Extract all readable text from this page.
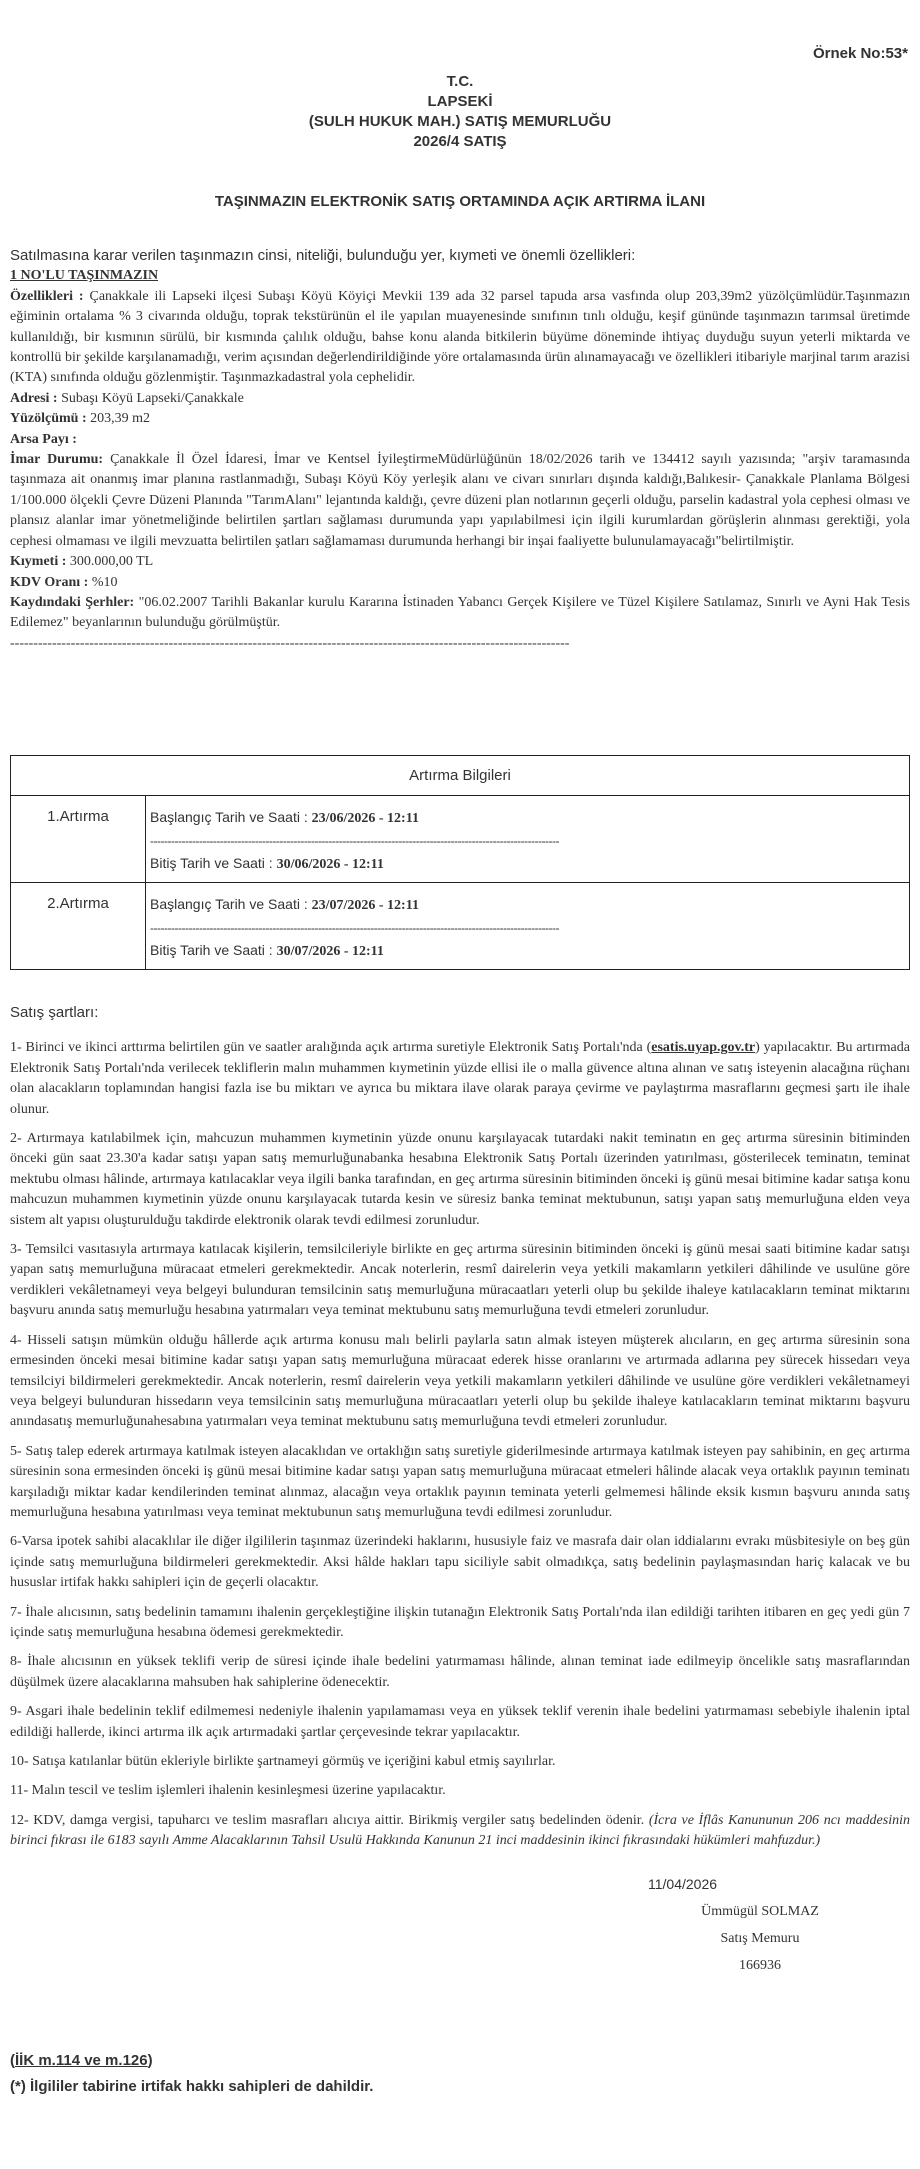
Örnek No:53*
T.C.
LAPSEKİ
(SULH HUKUK MAH.) SATIŞ MEMURLUĞU
2026/4 SATIŞ
TAŞINMAZIN ELEKTRONİK SATIŞ ORTAMINDA AÇIK ARTIRMA İLANI
Satılmasına karar verilen taşınmazın cinsi, niteliği, bulunduğu yer, kıymeti ve önemli özellikleri:
1 NO'LU TAŞINMAZIN
Özellikleri : Çanakkale ili Lapseki ilçesi Subaşı Köyü Köyiçi Mevkii 139 ada 32 parsel tapuda arsa vasfında olup 203,39m2 yüzölçümlüdür.Taşınmazın eğiminin ortalama % 3 civarında olduğu, toprak tekstürünün el ile yapılan muayenesinde sınıfının tınlı olduğu, keşif gününde taşınmazın tarımsal üretimde kullanıldığı, bir kısmının sürülü, bir kısmında çalılık olduğu, bahse konu alanda bitkilerin büyüme döneminde ihtiyaç duyduğu suyun yeterli miktarda ve kontrollü bir şekilde karşılanamadığı, verim açısından değerlendirildiğinde yöre ortalamasında ürün alınamayacağı ve özellikleri itibariyle marjinal tarım arazisi (KTA) sınıfında olduğu gözlenmiştir. Taşınmazkadastral yola cephelidir.
Adresi : Subaşı Köyü Lapseki/Çanakkale
Yüzölçümü : 203,39 m2
Arsa Payı :
İmar Durumu: Çanakkale İl Özel İdaresi, İmar ve Kentsel İyileştirmeMüdürlüğünün 18/02/2026 tarih ve 134412 sayılı yazısında; "arşiv taramasında taşınmaza ait onanmış imar planına rastlanmadığı, Subaşı Köyü Köy yerleşik alanı ve civarı sınırları dışında kaldığı,Balıkesir- Çanakkale Planlama Bölgesi 1/100.000 ölçekli Çevre Düzeni Planında "TarımAlanı" lejantında kaldığı, çevre düzeni plan notlarının geçerli olduğu, parselin kadastral yola cephesi olması ve plansız alanlar imar yönetmeliğinde belirtilen şartları sağlaması durumunda yapı yapılabilmesi için ilgili kurumlardan görüşlerin alınması gerektiği, yola cephesi olmaması ve ilgili mevzuatta belirtilen şatları sağlamaması durumunda herhangi bir inşai faaliyette bulunulamayacağı"belirtilmiştir.
Kıymeti : 300.000,00 TL
KDV Oranı : %10
Kaydındaki Şerhler: "06.02.2007 Tarihli Bakanlar kurulu Kararına İstinaden Yabancı Gerçek Kişilere ve Tüzel Kişilere Satılamaz, Sınırlı ve Ayni Hak Tesis Edilemez" beyanlarının bulunduğu görülmüştür.
------------------------------------------------------------------------------------------------------------------------
Artırma Bilgileri	
1.Artırma	Başlangıç Tarih ve Saati : 23/06/2026 - 12:11
---------------------------------------------------------------------------------------------------------------------
Bitiş Tarih ve Saati : 30/06/2026 - 12:11

2.Artırma	Başlangıç Tarih ve Saati : 23/07/2026 - 12:11
---------------------------------------------------------------------------------------------------------------------
Bitiş Tarih ve Saati : 30/07/2026 - 12:11
Satış şartları:

1- Birinci ve ikinci arttırma belirtilen gün ve saatler aralığında açık artırma suretiyle Elektronik Satış Portalı'nda (esatis.uyap.gov.tr) yapılacaktır. Bu artırmada Elektronik Satış Portalı'nda verilecek tekliflerin malın muhammen kıymetinin yüzde ellisi ile o malla güvence altına alınan ve satış isteyenin alacağına rüçhanı olan alacakların toplamından hangisi fazla ise bu miktarı ve ayrıca bu miktara ilave olarak paraya çevirme ve paylaştırma masraflarını geçmesi şartı ile ihale olunur.

2- Artırmaya katılabilmek için, mahcuzun muhammen kıymetinin yüzde onunu karşılayacak tutardaki nakit teminatın en geç artırma süresinin bitiminden önceki gün saat 23.30'a kadar satışı yapan satış memurluğunabanka hesabına Elektronik Satış Portalı üzerinden yatırılması, gösterilecek teminatın, teminat mektubu olması hâlinde, artırmaya katılacaklar veya ilgili banka tarafından, en geç artırma süresinin bitiminden önceki iş günü mesai bitimine kadar satışa konu mahcuzun muhammen kıymetinin yüzde onunu karşılayacak tutarda kesin ve süresiz banka teminat mektubunun, satışı yapan satış memurluğuna elden veya sistem alt yapısı oluşturulduğu takdirde elektronik olarak tevdi edilmesi zorunludur.

3- Temsilci vasıtasıyla artırmaya katılacak kişilerin, temsilcileriyle birlikte en geç artırma süresinin bitiminden önceki iş günü mesai saati bitimine kadar satışı yapan satış memurluğuna müracaat etmeleri gerekmektedir. Ancak noterlerin, resmî dairelerin veya yetkili makamların yetkileri dâhilinde ve usulüne göre verdikleri vekâletnameyi veya belgeyi bulunduran temsilcinin satış memurluğuna müracaatları yeterli olup bu şekilde ihaleye katılacakların teminat miktarını başvuru anında satış memurluğu hesabına yatırmaları veya teminat mektubunu satış memurluğuna tevdi etmeleri zorunludur.

4- Hisseli satışın mümkün olduğu hâllerde açık artırma konusu malı belirli paylarla satın almak isteyen müşterek alıcıların, en geç artırma süresinin sona ermesinden önceki mesai bitimine kadar satışı yapan satış memurluğuna müracaat ederek hisse oranlarını ve artırmada adlarına pey sürecek hissedarı veya temsilciyi bildirmeleri gerekmektedir. Ancak noterlerin, resmî dairelerin veya yetkili makamların yetkileri dâhilinde ve usulüne göre verdikleri vekâletnameyi veya belgeyi bulunduran hissedarın veya temsilcinin satış memurluğuna müracaatları yeterli olup bu şekilde ihaleye katılacakların teminat miktarını başvuru anındasatış memurluğunahesabına yatırmaları veya teminat mektubunu satış memurluğuna tevdi etmeleri zorunludur.

5- Satış talep ederek artırmaya katılmak isteyen alacaklıdan ve ortaklığın satış suretiyle giderilmesinde artırmaya katılmak isteyen pay sahibinin, en geç artırma süresinin sona ermesinden önceki iş günü mesai bitimine kadar satışı yapan satış memurluğuna müracaat etmeleri hâlinde alacak veya ortaklık payının teminatı karşıladığı miktar kadar kendilerinden teminat alınmaz, alacağın veya ortaklık payının teminata yeterli gelmemesi hâlinde eksik kısmın başvuru anında satış memurluğuna hesabına yatırılması veya teminat mektubunun satış memurluğuna tevdi edilmesi zorunludur.

6-Varsa ipotek sahibi alacaklılar ile diğer ilgililerin taşınmaz üzerindeki haklarını, hususiyle faiz ve masrafa dair olan iddialarını evrakı müsbitesiyle on beş gün içinde satış memurluğuna bildirmeleri gerekmektedir. Aksi hâlde hakları tapu siciliyle sabit olmadıkça, satış bedelinin paylaşmasından hariç kalacak ve bu hususlar irtifak hakkı sahipleri için de geçerli olacaktır.

7- İhale alıcısının, satış bedelinin tamamını ihalenin gerçekleştiğine ilişkin tutanağın Elektronik Satış Portalı'nda ilan edildiği tarihten itibaren en geç yedi gün 7 içinde satış memurluğuna hesabına ödemesi gerekmektedir.

8- İhale alıcısının en yüksek teklifi verip de süresi içinde ihale bedelini yatırmaması hâlinde, alınan teminat iade edilmeyip öncelikle satış masraflarından düşülmek üzere alacaklarına mahsuben hak sahiplerine ödenecektir.

9- Asgari ihale bedelinin teklif edilmemesi nedeniyle ihalenin yapılamaması veya en yüksek teklif verenin ihale bedelini yatırmaması sebebiyle ihalenin iptal edildiği hallerde, ikinci artırma ilk açık artırmadaki şartlar çerçevesinde tekrar yapılacaktır.

10- Satışa katılanlar bütün ekleriyle birlikte şartnameyi görmüş ve içeriğini kabul etmiş sayılırlar.

11- Malın tescil ve teslim işlemleri ihalenin kesinleşmesi üzerine yapılacaktır.

12- KDV, damga vergisi, tapuharcı ve teslim masrafları alıcıya aittir. Birikmiş vergiler satış bedelinden ödenir. (İcra ve İflâs Kanununun 206 ncı maddesinin birinci fıkrası ile 6183 sayılı Amme Alacaklarının Tahsil Usulü Hakkında Kanunun 21 inci maddesinin ikinci fıkrasındaki hükümleri mahfuzdur.)

11/04/2026
Ümmügül SOLMAZ
Satış Memuru
166936
(İİK m.114 ve m.126)
(*) İlgililer tabirine irtifak hakkı sahipleri de dahildir.
